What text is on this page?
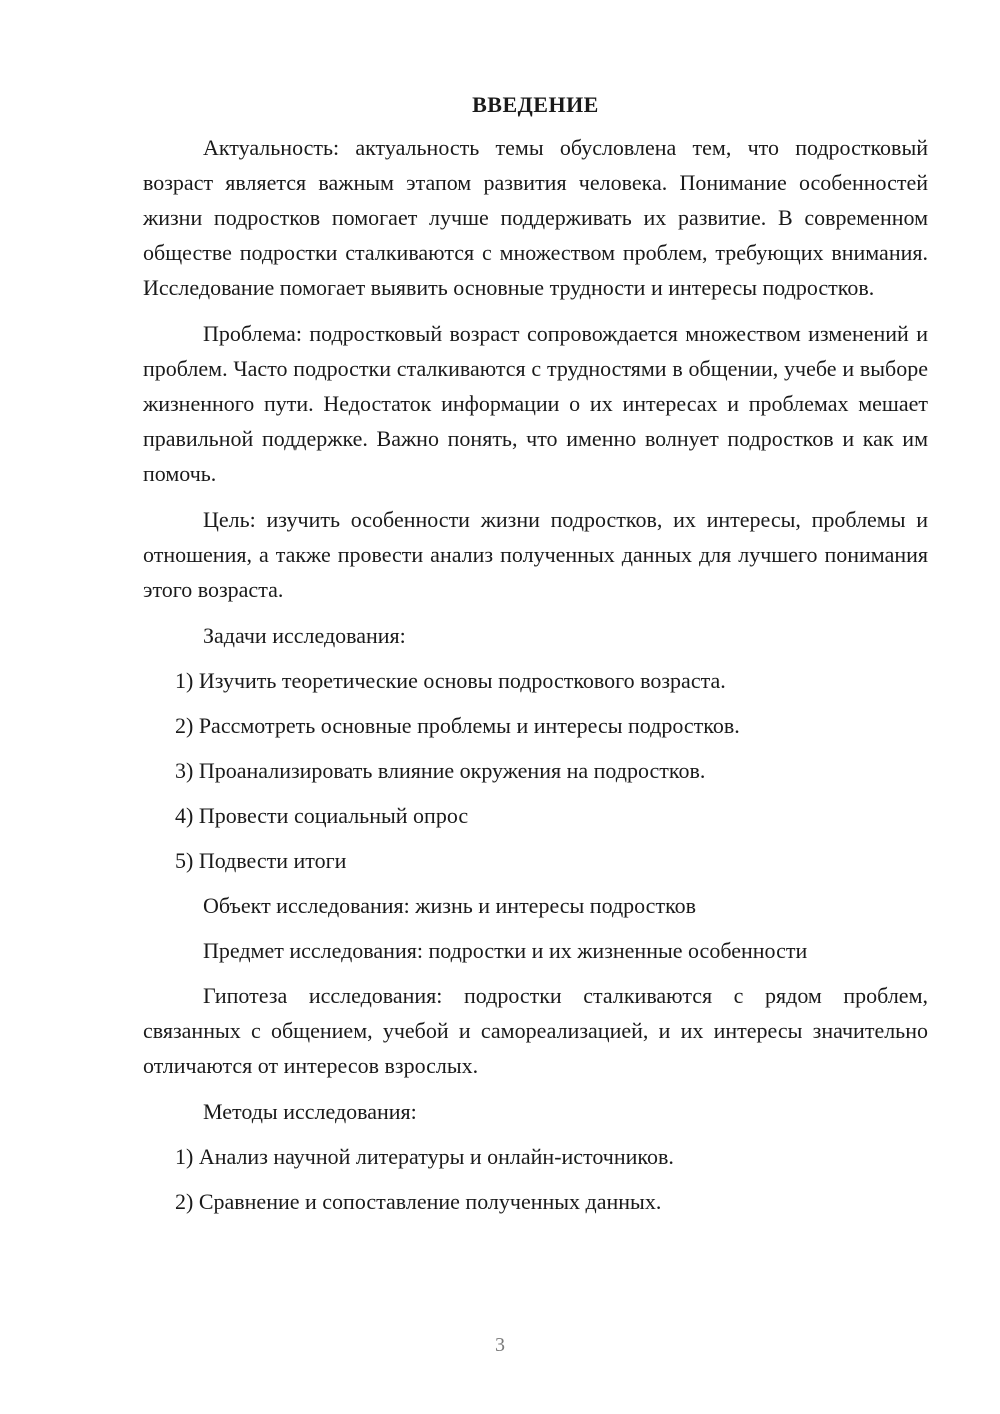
ВВЕДЕНИЕ

Актуальность: актуальность темы обусловлена тем, что подростковый возраст является важным этапом развития человека. Понимание особенностей жизни подростков помогает лучше поддерживать их развитие. В современном обществе подростки сталкиваются с множеством проблем, требующих внимания. Исследование помогает выявить основные трудности и интересы подростков.

Проблема: подростковый возраст сопровождается множеством изменений и проблем. Часто подростки сталкиваются с трудностями в общении, учебе и выборе жизненного пути. Недостаток информации о их интересах и проблемах мешает правильной поддержке. Важно понять, что именно волнует подростков и как им помочь.

Цель: изучить особенности жизни подростков, их интересы, проблемы и отношения, а также провести анализ полученных данных для лучшего понимания этого возраста.

Задачи исследования:
1) Изучить теоретические основы подросткового возраста.
2) Рассмотреть основные проблемы и интересы подростков.
3) Проанализировать влияние окружения на подростков.
4) Провести социальный опрос
5) Подвести итоги
Объект исследования: жизнь и интересы подростков
Предмет исследования: подростки и их жизненные особенности

Гипотеза исследования: подростки сталкиваются с рядом проблем, связанных с общением, учебой и самореализацией, и их интересы значительно отличаются от интересов взрослых.

Методы исследования:
1) Анализ научной литературы и онлайн-источников.
2) Сравнение и сопоставление полученных данных.
3
